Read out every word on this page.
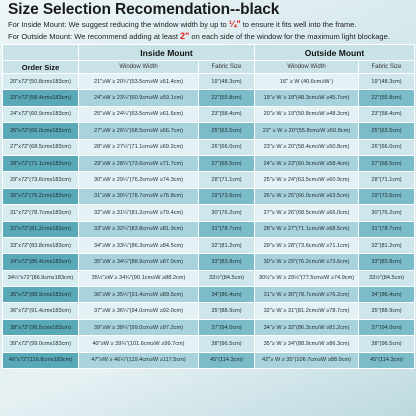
Size Selection Recomendation--black
For Inside Mount: We suggest reducing the window width by up to ¼" to ensure it fits well into the frame.
For Outside Mount: We recommend adding at least 2" on each side of the window for the maximum light blockage.
	Inside Mount		Outside Mount	
Order Size	Window Width	Fabric Size	Window Width	Fabric Size
20"x72"(50.8cmx183cm)	21"≥W ≥ 20¼"(53.5cm≥W ≥51.4cm)	19"(48.3cm)	16" ≥ W (40.6cm≥W )	19"(48.3cm)
23"x72"(58.4cmx183cm)	24"≥W ≥ 23¼"(60.9cm≥W ≥59.1cm)	22"(55.8cm)	19"≥ W ≥ 18"(48.3cm≥W ≥45.7cm)	22"(55.8cm)
24"x72"(60.9cmx183cm)	25"≥W ≥ 24¼"(63.5cm≥W ≥61.6cm)	23"(58.4cm)	20"≥ W ≥ 19"(50.8cm≥W ≥48.3cm)	23"(58.4cm)
26"x72"(66.0cmx183cm)	27"≥W ≥ 26¼"(68.5cm≥W ≥66.7cm)	25"(63.5cm)	22" ≥ W ≥ 20"(55.8cm≥W ≥50.8cm)	25"(63.5cm)
27"x72"(68.5cmx183cm)	28"≥W ≥ 27¼"(71.1cm≥W ≥69.2cm)	26"(66.0cm)	23"≥ W ≥ 20"(58.4cm≥W ≥50.8cm)	26"(66.0cm)
28"x72"(71.1cmx183cm)	29"≥W ≥ 28¼"(73.6cm≥W ≥71.7cm)	27"(68.5cm)	24"≥ W ≥ 23"(60.9cm≥W ≥58.4cm)	27"(68.5cm)
29"x72"(73.6cmx183cm)	30"≥W ≥ 29¼"(76.2cm≥W ≥74.3cm)	28"(71.1cm)	25"≥ W ≥ 24"(63.5cm≥W ≥60.9cm)	28"(71.1cm)
30"x72"(76.2cmx183cm)	31"≥W ≥ 30¼"(78.7cm≥W ≥76.8cm)	29"(73.6cm)	26"≥ W ≥ 25"(66.0cm≥W ≥63.5cm)	29"(73.6cm)
31"x72"(78.7cmx183cm)	32"≥W ≥ 31¼"(81.2cm≥W ≥79.4cm)	30"(76.2cm)	27"≥ W ≥ 26"(68.5cm≥W ≥66.0cm)	30"(76.2cm)
32"x72"(81.2cmx183cm)	33"≥W ≥ 32¼"(83.8cm≥W ≥81.9cm)	31"(78.7cm)	28"≥ W ≥ 27"(71.1cm≥W ≥68.5cm)	31"(78.7cm)
33"x72"(83.8cmx183cm)	34"≥W ≥ 33¼"(86.3cm≥W ≥84.5cm)	32"(81.2cm)	29"≥ W ≥ 28"(73.6cm≥W ≥71.1cm)	32"(81.2cm)
34"x72"(86.4cmx183cm)	35"≥W ≥ 34¼"(88.9cm≥W ≥87.0cm)	33"(83.8cm)	30"≥ W ≥ 29"(76.2cm≥W ≥73.6cm)	33"(83.8cm)
34½"x72"(86.9cmx183cm)	35½"≥W ≥ 34¾"(90.1cm≥W ≥88.2cm)	33½"(84.5cm)	30½"≥ W ≥ 29½"(77.5cm≥W ≥74.9cm)	33½"(84.5cm)
35"x72"(88.9cmx183cm)	36"≥W ≥ 35¼"(91.4cm≥W ≥89.5cm)	34"(86.4cm)	31"≥ W ≥ 30"(78.7cm≥W ≥76.2cm)	34"(86.4cm)
36"x72"(91.4cmx183cm)	37"≥W ≥ 36¼"(94.0cm≥W ≥92.0cm)	35"(88.9cm)	32"≥ W ≥ 31"(81.2cm≥W ≥78.7cm)	35"(88.9cm)
38"x72"(96.5cmx183cm)	39"≥W ≥ 38¼"(99.0cm≥W ≥97.2cm)	37"(94.0cm)	34"≥ W ≥ 32"(86.3cm≥W ≥81.2cm)	37"(94.0cm)
39"x72"(99.0cmx183cm)	40"≥W ≥ 39¼"(101.6cm≥W ≥99.7cm)	38"(96.5cm)	35"≥ W ≥ 34"(88.9cm≥W ≥86.3cm)	38"(96.5cm)
46"x72"(116.8cmx183cm)	47"≥W ≥ 46¼"(119.4cm≥W ≥117.5cm)	45"(114.3cm)	42"≥ W ≥ 35"(106.7cm≥W ≥88.9cm)	45"(114.3cm)
